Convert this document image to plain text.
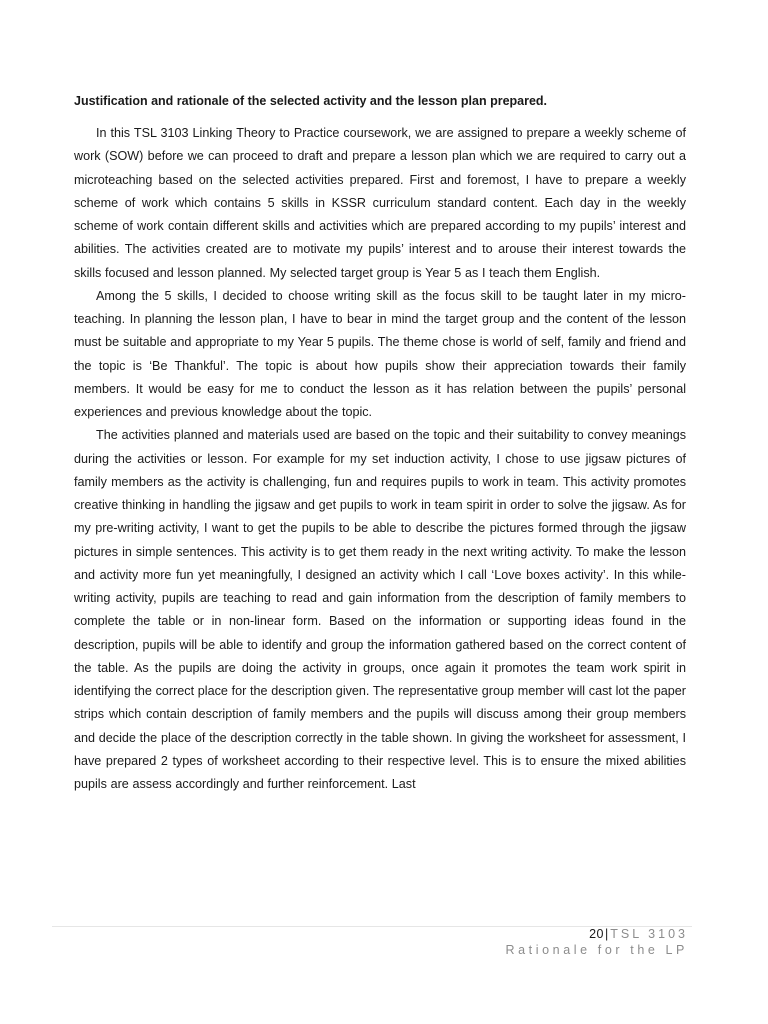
Justification and rationale of the selected activity and the lesson plan prepared.

In this TSL 3103 Linking Theory to Practice coursework, we are assigned to prepare a weekly scheme of work (SOW) before we can proceed to draft and prepare a lesson plan which we are required to carry out a microteaching based on the selected activities prepared. First and foremost, I have to prepare a weekly scheme of work which contains 5 skills in KSSR curriculum standard content. Each day in the weekly scheme of work contain different skills and activities which are prepared according to my pupils’ interest and abilities. The activities created are to motivate my pupils’ interest and to arouse their interest towards the skills focused and lesson planned. My selected target group is Year 5 as I teach them English.

Among the 5 skills, I decided to choose writing skill as the focus skill to be taught later in my micro-teaching. In planning the lesson plan, I have to bear in mind the target group and the content of the lesson must be suitable and appropriate to my Year 5 pupils. The theme chose is world of self, family and friend and the topic is ‘Be Thankful’. The topic is about how pupils show their appreciation towards their family members. It would be easy for me to conduct the lesson as it has relation between the pupils’ personal experiences and previous knowledge about the topic.

The activities planned and materials used are based on the topic and their suitability to convey meanings during the activities or lesson. For example for my set induction activity, I chose to use jigsaw pictures of family members as the activity is challenging, fun and requires pupils to work in team. This activity promotes creative thinking in handling the jigsaw and get pupils to work in team spirit in order to solve the jigsaw. As for my pre-writing activity, I want to get the pupils to be able to describe the pictures formed through the jigsaw pictures in simple sentences. This activity is to get them ready in the next writing activity. To make the lesson and activity more fun yet meaningfully, I designed an activity which I call ‘Love boxes activity’. In this while-writing activity, pupils are teaching to read and gain information from the description of family members to complete the table or in non-linear form. Based on the information or supporting ideas found in the description, pupils will be able to identify and group the information gathered based on the correct content of the table. As the pupils are doing the activity in groups, once again it promotes the team work spirit in identifying the correct place for the description given. The representative group member will cast lot the paper strips which contain description of family members and the pupils will discuss among their group members and decide the place of the description correctly in the table shown. In giving the worksheet for assessment, I have prepared 2 types of worksheet according to their respective level. This is to ensure the mixed abilities pupils are assess accordingly and further reinforcement. Last

20| TSL 3103
Rationale for the LP
